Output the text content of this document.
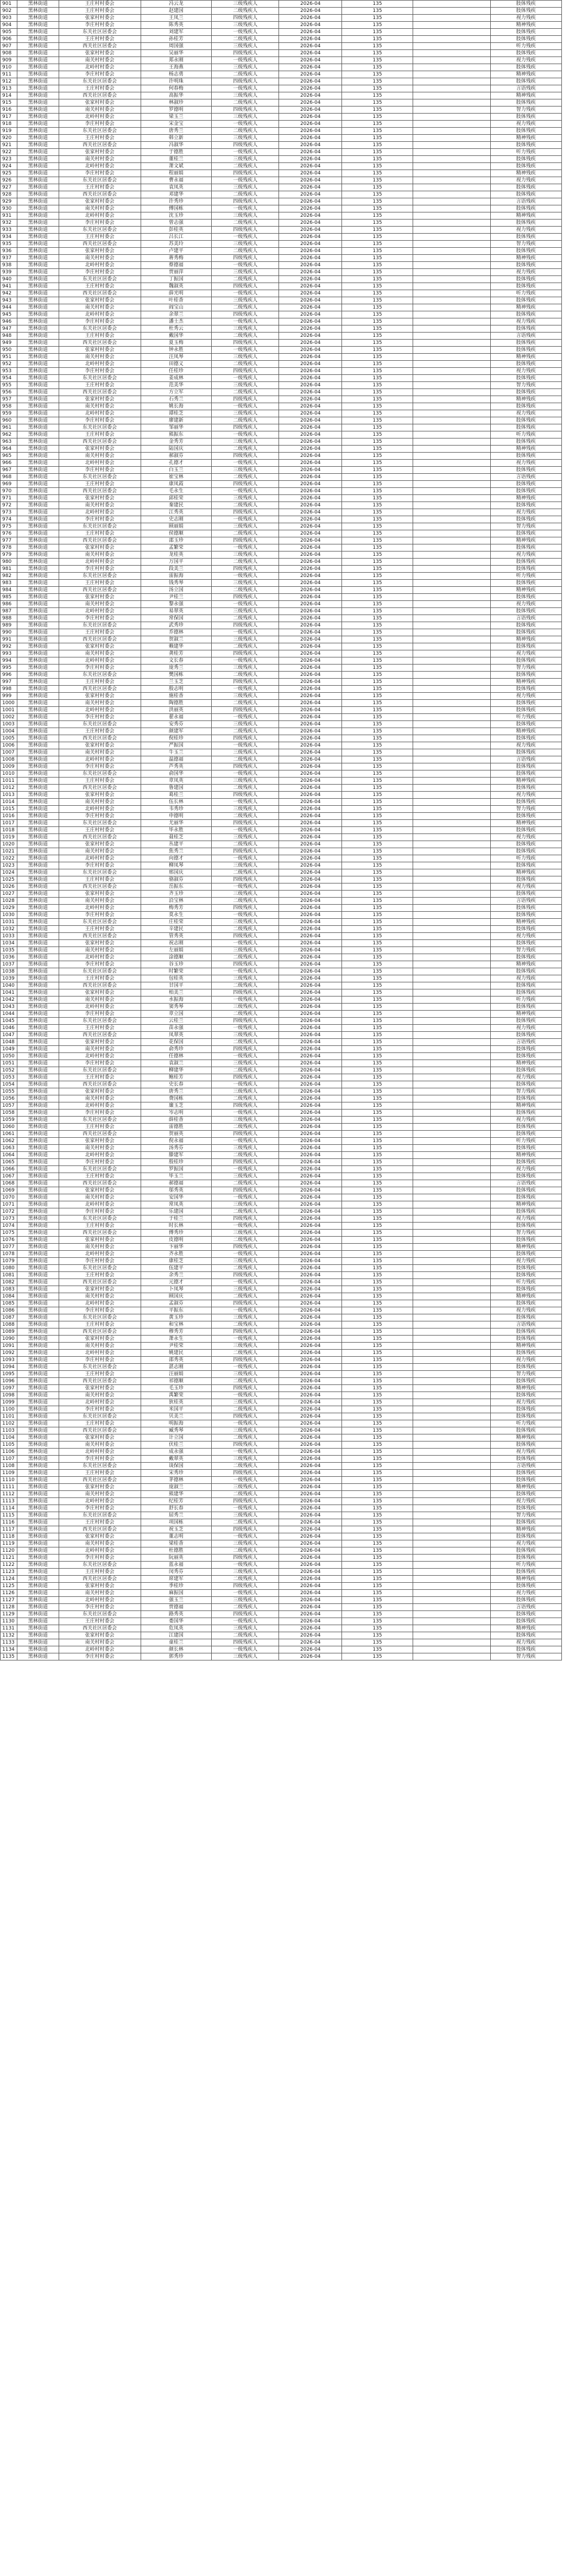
901	黑林街道	王庄村村委会	冯云龙	三级残疾人	2026-04	135		肢体残疾
902	黑林街道	王庄村村委会	赵建国	二级残疾人	2026-04	135		肢体残疾
903	黑林街道	张家村村委会	王凤兰	四级残疾人	2026-04	135		视力残疾
904	黑林街道	李庄村村委会	陈秀英	三级残疾人	2026-04	135		精神残疾
905	黑林街道	东关社区居委会	刘建军	一级残疾人	2026-04	135		肢体残疾
906	黑林街道	王庄村村委会	孙桂芳	二级残疾人	2026-04	135		肢体残疾
907	黑林街道	西关社区居委会	周国强	三级残疾人	2026-04	135		听力残疾
908	黑林街道	张家村村委会	吴丽华	四级残疾人	2026-04	135		肢体残疾
909	黑林街道	南关村村委会	郑永刚	一级残疾人	2026-04	135		视力残疾
910	黑林街道	北岭村村委会	王海燕	三级残疾人	2026-04	135		肢体残疾
911	黑林街道	李庄村村委会	杨志勇	二级残疾人	2026-04	135		精神残疾
912	黑林街道	东关社区居委会	许明珠	四级残疾人	2026-04	135		肢体残疾
913	黑林街道	王庄村村委会	何春梅	一级残疾人	2026-04	135		言语残疾
914	黑林街道	西关社区居委会	高振华	三级残疾人	2026-04	135		精神残疾
915	黑林街道	张家村村委会	林淑珍	二级残疾人	2026-04	135		肢体残疾
916	黑林街道	南关村村委会	罗德明	四级残疾人	2026-04	135		智力残疾
917	黑林街道	北岭村村委会	梁玉兰	三级残疾人	2026-04	135		肢体残疾
918	黑林街道	李庄村村委会	宋金宝	一级残疾人	2026-04	135		视力残疾
919	黑林街道	东关社区居委会	唐秀兰	二级残疾人	2026-04	135		肢体残疾
920	黑林街道	王庄村村委会	韩立新	三级残疾人	2026-04	135		精神残疾
921	黑林街道	西关社区居委会	冯淑华	四级残疾人	2026-04	135		肢体残疾
922	黑林街道	张家村村委会	于德胜	一级残疾人	2026-04	135		听力残疾
923	黑林街道	南关村村委会	董桂兰	三级残疾人	2026-04	135		肢体残疾
924	黑林街道	北岭村村委会	萧文斌	二级残疾人	2026-04	135		肢体残疾
925	黑林街道	李庄村村委会	程丽娟	四级残疾人	2026-04	135		精神残疾
926	黑林街道	东关社区居委会	曹永福	一级残疾人	2026-04	135		视力残疾
927	黑林街道	王庄村村委会	袁凤英	三级残疾人	2026-04	135		肢体残疾
928	黑林街道	西关社区居委会	邓建华	二级残疾人	2026-04	135		肢体残疾
929	黑林街道	张家村村委会	许秀珍	四级残疾人	2026-04	135		言语残疾
930	黑林街道	南关村村委会	傅国栋	一级残疾人	2026-04	135		肢体残疾
931	黑林街道	北岭村村委会	沈玉珍	三级残疾人	2026-04	135		精神残疾
932	黑林街道	李庄村村委会	曾志强	二级残疾人	2026-04	135		肢体残疾
933	黑林街道	东关社区居委会	彭桂英	四级残疾人	2026-04	135		视力残疾
934	黑林街道	王庄村村委会	吕长江	一级残疾人	2026-04	135		肢体残疾
935	黑林街道	西关社区居委会	苏美玲	三级残疾人	2026-04	135		智力残疾
936	黑林街道	张家村村委会	卢建平	二级残疾人	2026-04	135		肢体残疾
937	黑林街道	南关村村委会	蒋秀梅	四级残疾人	2026-04	135		精神残疾
938	黑林街道	北岭村村委会	蔡德福	一级残疾人	2026-04	135		肢体残疾
939	黑林街道	李庄村村委会	贾丽萍	三级残疾人	2026-04	135		视力残疾
940	黑林街道	东关社区居委会	丁振国	二级残疾人	2026-04	135		肢体残疾
941	黑林街道	王庄村村委会	魏淑英	四级残疾人	2026-04	135		肢体残疾
942	黑林街道	西关社区居委会	薛光明	一级残疾人	2026-04	135		听力残疾
943	黑林街道	张家村村委会	叶桂香	三级残疾人	2026-04	135		肢体残疾
944	黑林街道	南关村村委会	阎宝山	二级残疾人	2026-04	135		精神残疾
945	黑林街道	北岭村村委会	余翠兰	四级残疾人	2026-04	135		肢体残疾
946	黑林街道	李庄村村委会	潘士杰	一级残疾人	2026-04	135		视力残疾
947	黑林街道	东关社区居委会	杜秀云	三级残疾人	2026-04	135		肢体残疾
948	黑林街道	王庄村村委会	戴国华	二级残疾人	2026-04	135		言语残疾
949	黑林街道	西关社区居委会	夏玉梅	四级残疾人	2026-04	135		肢体残疾
950	黑林街道	张家村村委会	钟永胜	一级残疾人	2026-04	135		肢体残疾
951	黑林街道	南关村村委会	汪凤琴	三级残疾人	2026-04	135		精神残疾
952	黑林街道	北岭村村委会	田德义	二级残疾人	2026-04	135		肢体残疾
953	黑林街道	李庄村村委会	任桂珍	四级残疾人	2026-04	135		视力残疾
954	黑林街道	东关社区居委会	姜成林	一级残疾人	2026-04	135		肢体残疾
955	黑林街道	王庄村村委会	范美华	三级残疾人	2026-04	135		智力残疾
956	黑林街道	西关社区居委会	方立军	二级残疾人	2026-04	135		肢体残疾
957	黑林街道	张家村村委会	石秀兰	四级残疾人	2026-04	135		精神残疾
958	黑林街道	南关村村委会	姚长海	一级残疾人	2026-04	135		肢体残疾
959	黑林街道	北岭村村委会	谭桂芝	三级残疾人	2026-04	135		视力残疾
960	黑林街道	李庄村村委会	廖建新	二级残疾人	2026-04	135		肢体残疾
961	黑林街道	东关社区居委会	邹丽华	四级残疾人	2026-04	135		肢体残疾
962	黑林街道	王庄村村委会	熊振东	一级残疾人	2026-04	135		听力残疾
963	黑林街道	西关社区居委会	金秀芳	三级残疾人	2026-04	135		肢体残疾
964	黑林街道	张家村村委会	陆国庆	二级残疾人	2026-04	135		精神残疾
965	黑林街道	南关村村委会	郝淑芬	四级残疾人	2026-04	135		肢体残疾
966	黑林街道	北岭村村委会	孔德才	一级残疾人	2026-04	135		视力残疾
967	黑林街道	李庄村村委会	白玉兰	三级残疾人	2026-04	135		肢体残疾
968	黑林街道	东关社区居委会	崔宝林	二级残疾人	2026-04	135		言语残疾
969	黑林街道	王庄村村委会	康凤霞	四级残疾人	2026-04	135		肢体残疾
970	黑林街道	西关社区居委会	毛永生	一级残疾人	2026-04	135		肢体残疾
971	黑林街道	张家村村委会	邱桂荣	三级残疾人	2026-04	135		精神残疾
972	黑林街道	南关村村委会	秦建民	二级残疾人	2026-04	135		肢体残疾
973	黑林街道	北岭村村委会	江秀英	四级残疾人	2026-04	135		视力残疾
974	黑林街道	李庄村村委会	史志刚	一级残疾人	2026-04	135		肢体残疾
975	黑林街道	东关社区居委会	顾丽娟	三级残疾人	2026-04	135		智力残疾
976	黑林街道	王庄村村委会	侯德顺	二级残疾人	2026-04	135		肢体残疾
977	黑林街道	西关社区居委会	邵玉珍	四级残疾人	2026-04	135		精神残疾
978	黑林街道	张家村村委会	孟繁荣	一级残疾人	2026-04	135		肢体残疾
979	黑林街道	南关村村委会	龙桂英	三级残疾人	2026-04	135		视力残疾
980	黑林街道	北岭村村委会	万国平	二级残疾人	2026-04	135		肢体残疾
981	黑林街道	李庄村村委会	段美兰	四级残疾人	2026-04	135		肢体残疾
982	黑林街道	东关社区居委会	雷振海	一级残疾人	2026-04	135		听力残疾
983	黑林街道	王庄村村委会	钱秀琴	三级残疾人	2026-04	135		肢体残疾
984	黑林街道	西关社区居委会	汤立国	二级残疾人	2026-04	135		精神残疾
985	黑林街道	张家村村委会	尹桂兰	四级残疾人	2026-04	135		肢体残疾
986	黑林街道	南关村村委会	黎永强	一级残疾人	2026-04	135		视力残疾
987	黑林街道	北岭村村委会	易翠英	三级残疾人	2026-04	135		肢体残疾
988	黑林街道	李庄村村委会	常保国	二级残疾人	2026-04	135		言语残疾
989	黑林街道	东关社区居委会	武秀珍	四级残疾人	2026-04	135		肢体残疾
990	黑林街道	王庄村村委会	乔德林	一级残疾人	2026-04	135		肢体残疾
991	黑林街道	西关社区居委会	贺淑兰	三级残疾人	2026-04	135		精神残疾
992	黑林街道	张家村村委会	赖建华	二级残疾人	2026-04	135		肢体残疾
993	黑林街道	南关村村委会	龚桂芳	四级残疾人	2026-04	135		视力残疾
994	黑林街道	北岭村村委会	文长春	一级残疾人	2026-04	135		肢体残疾
995	黑林街道	李庄村村委会	庞秀兰	三级残疾人	2026-04	135		智力残疾
996	黑林街道	东关社区居委会	樊国栋	二级残疾人	2026-04	135		肢体残疾
997	黑林街道	王庄村村委会	兰玉芝	四级残疾人	2026-04	135		精神残疾
998	黑林街道	西关社区居委会	殷志明	一级残疾人	2026-04	135		肢体残疾
999	黑林街道	张家村村委会	施桂香	三级残疾人	2026-04	135		视力残疾
1000	黑林街道	南关村村委会	陶德胜	二级残疾人	2026-04	135		肢体残疾
1001	黑林街道	北岭村村委会	洪丽英	四级残疾人	2026-04	135		肢体残疾
1002	黑林街道	李庄村村委会	翟永福	一级残疾人	2026-04	135		听力残疾
1003	黑林街道	东关社区居委会	安秀芬	三级残疾人	2026-04	135		肢体残疾
1004	黑林街道	王庄村村委会	颜建军	二级残疾人	2026-04	135		精神残疾
1005	黑林街道	西关社区居委会	倪桂珍	四级残疾人	2026-04	135		肢体残疾
1006	黑林街道	张家村村委会	严振国	一级残疾人	2026-04	135		视力残疾
1007	黑林街道	南关村村委会	牛玉兰	三级残疾人	2026-04	135		肢体残疾
1008	黑林街道	北岭村村委会	温德福	二级残疾人	2026-04	135		言语残疾
1009	黑林街道	李庄村村委会	芦秀英	四级残疾人	2026-04	135		肢体残疾
1010	黑林街道	东关社区居委会	俞国华	一级残疾人	2026-04	135		肢体残疾
1011	黑林街道	王庄村村委会	章凤英	三级残疾人	2026-04	135		精神残疾
1012	黑林街道	西关社区居委会	鲁建国	二级残疾人	2026-04	135		肢体残疾
1013	黑林街道	张家村村委会	葛桂兰	四级残疾人	2026-04	135		视力残疾
1014	黑林街道	南关村村委会	伍长林	一级残疾人	2026-04	135		肢体残疾
1015	黑林街道	北岭村村委会	韦秀珍	三级残疾人	2026-04	135		智力残疾
1016	黑林街道	李庄村村委会	申德明	二级残疾人	2026-04	135		肢体残疾
1017	黑林街道	东关社区居委会	尤丽华	四级残疾人	2026-04	135		精神残疾
1018	黑林街道	王庄村村委会	毕永胜	一级残疾人	2026-04	135		肢体残疾
1019	黑林街道	西关社区居委会	聂桂芝	三级残疾人	2026-04	135		视力残疾
1020	黑林街道	张家村村委会	丛建平	二级残疾人	2026-04	135		肢体残疾
1021	黑林街道	南关村村委会	焦秀兰	四级残疾人	2026-04	135		肢体残疾
1022	黑林街道	北岭村村委会	向德才	一级残疾人	2026-04	135		听力残疾
1023	黑林街道	李庄村村委会	柳凤琴	三级残疾人	2026-04	135		肢体残疾
1024	黑林街道	东关社区居委会	邢国庆	二级残疾人	2026-04	135		精神残疾
1025	黑林街道	王庄村村委会	骆淑芬	四级残疾人	2026-04	135		肢体残疾
1026	黑林街道	西关社区居委会	岳振东	一级残疾人	2026-04	135		视力残疾
1027	黑林街道	张家村村委会	齐玉珍	三级残疾人	2026-04	135		肢体残疾
1028	黑林街道	南关村村委会	沿宝林	二级残疾人	2026-04	135		言语残疾
1029	黑林街道	北岭村村委会	梅秀芳	四级残疾人	2026-04	135		肢体残疾
1030	黑林街道	李庄村村委会	莫永生	一级残疾人	2026-04	135		肢体残疾
1031	黑林街道	东关社区居委会	庄桂荣	三级残疾人	2026-04	135		精神残疾
1032	黑林街道	王庄村村委会	辛建民	二级残疾人	2026-04	135		肢体残疾
1033	黑林街道	西关社区居委会	管秀英	四级残疾人	2026-04	135		视力残疾
1034	黑林街道	张家村村委会	祝志刚	一级残疾人	2026-04	135		肢体残疾
1035	黑林街道	南关村村委会	左丽娟	三级残疾人	2026-04	135		智力残疾
1036	黑林街道	北岭村村委会	涂德顺	二级残疾人	2026-04	135		肢体残疾
1037	黑林街道	李庄村村委会	谷玉珍	四级残疾人	2026-04	135		精神残疾
1038	黑林街道	东关社区居委会	时繁荣	一级残疾人	2026-04	135		肢体残疾
1039	黑林街道	王庄村村委会	包桂英	三级残疾人	2026-04	135		视力残疾
1040	黑林街道	西关社区居委会	甘国平	二级残疾人	2026-04	135		肢体残疾
1041	黑林街道	张家村村委会	柏美兰	四级残疾人	2026-04	135		肢体残疾
1042	黑林街道	南关村村委会	水振海	一级残疾人	2026-04	135		听力残疾
1043	黑林街道	北岭村村委会	窦秀琴	三级残疾人	2026-04	135		肢体残疾
1044	黑林街道	李庄村村委会	章立国	二级残疾人	2026-04	135		精神残疾
1045	黑林街道	东关社区居委会	云桂兰	四级残疾人	2026-04	135		肢体残疾
1046	黑林街道	王庄村村委会	苗永强	一级残疾人	2026-04	135		视力残疾
1047	黑林街道	西关社区居委会	凤翠英	三级残疾人	2026-04	135		肢体残疾
1048	黑林街道	张家村村委会	花保国	二级残疾人	2026-04	135		言语残疾
1049	黑林街道	南关村村委会	俞秀珍	四级残疾人	2026-04	135		肢体残疾
1050	黑林街道	北岭村村委会	任德林	一级残疾人	2026-04	135		肢体残疾
1051	黑林街道	李庄村村委会	袁淑兰	三级残疾人	2026-04	135		精神残疾
1052	黑林街道	东关社区居委会	柳建华	二级残疾人	2026-04	135		肢体残疾
1053	黑林街道	王庄村村委会	鲍桂芳	四级残疾人	2026-04	135		视力残疾
1054	黑林街道	西关社区居委会	史长春	一级残疾人	2026-04	135		肢体残疾
1055	黑林街道	张家村村委会	唐秀兰	三级残疾人	2026-04	135		智力残疾
1056	黑林街道	南关村村委会	费国栋	二级残疾人	2026-04	135		肢体残疾
1057	黑林街道	北岭村村委会	廉玉芝	四级残疾人	2026-04	135		精神残疾
1058	黑林街道	李庄村村委会	岑志明	一级残疾人	2026-04	135		肢体残疾
1059	黑林街道	东关社区居委会	薛桂香	三级残疾人	2026-04	135		视力残疾
1060	黑林街道	王庄村村委会	雷德胜	二级残疾人	2026-04	135		肢体残疾
1061	黑林街道	西关社区居委会	贺丽英	四级残疾人	2026-04	135		肢体残疾
1062	黑林街道	张家村村委会	倪永福	一级残疾人	2026-04	135		听力残疾
1063	黑林街道	南关村村委会	汤秀芬	三级残疾人	2026-04	135		肢体残疾
1064	黑林街道	北岭村村委会	滕建军	二级残疾人	2026-04	135		精神残疾
1065	黑林街道	李庄村村委会	殷桂珍	四级残疾人	2026-04	135		肢体残疾
1066	黑林街道	东关社区居委会	罗振国	一级残疾人	2026-04	135		视力残疾
1067	黑林街道	王庄村村委会	毕玉兰	三级残疾人	2026-04	135		肢体残疾
1068	黑林街道	西关社区居委会	郝德福	二级残疾人	2026-04	135		言语残疾
1069	黑林街道	张家村村委会	邬秀英	四级残疾人	2026-04	135		肢体残疾
1070	黑林街道	南关村村委会	安国华	一级残疾人	2026-04	135		肢体残疾
1071	黑林街道	北岭村村委会	常凤英	三级残疾人	2026-04	135		精神残疾
1072	黑林街道	李庄村村委会	乐建国	二级残疾人	2026-04	135		肢体残疾
1073	黑林街道	东关社区居委会	于桂兰	四级残疾人	2026-04	135		视力残疾
1074	黑林街道	王庄村村委会	时长林	一级残疾人	2026-04	135		肢体残疾
1075	黑林街道	西关社区居委会	傅秀珍	三级残疾人	2026-04	135		智力残疾
1076	黑林街道	张家村村委会	皮德明	二级残疾人	2026-04	135		肢体残疾
1077	黑林街道	南关村村委会	卞丽华	四级残疾人	2026-04	135		精神残疾
1078	黑林街道	北岭村村委会	齐永胜	一级残疾人	2026-04	135		肢体残疾
1079	黑林街道	李庄村村委会	康桂芝	三级残疾人	2026-04	135		视力残疾
1080	黑林街道	东关社区居委会	伍建平	二级残疾人	2026-04	135		肢体残疾
1081	黑林街道	王庄村村委会	余秀兰	四级残疾人	2026-04	135		肢体残疾
1082	黑林街道	西关社区居委会	元德才	一级残疾人	2026-04	135		听力残疾
1083	黑林街道	张家村村委会	卜凤琴	三级残疾人	2026-04	135		肢体残疾
1084	黑林街道	南关村村委会	顾国庆	二级残疾人	2026-04	135		精神残疾
1085	黑林街道	北岭村村委会	孟淑芬	四级残疾人	2026-04	135		肢体残疾
1086	黑林街道	李庄村村委会	平振东	一级残疾人	2026-04	135		视力残疾
1087	黑林街道	东关社区居委会	黄玉珍	三级残疾人	2026-04	135		肢体残疾
1088	黑林街道	王庄村村委会	和宝林	二级残疾人	2026-04	135		言语残疾
1089	黑林街道	西关社区居委会	穆秀芳	四级残疾人	2026-04	135		肢体残疾
1090	黑林街道	张家村村委会	萧永生	一级残疾人	2026-04	135		肢体残疾
1091	黑林街道	南关村村委会	尹桂荣	三级残疾人	2026-04	135		精神残疾
1092	黑林街道	北岭村村委会	姚建民	二级残疾人	2026-04	135		肢体残疾
1093	黑林街道	李庄村村委会	邵秀英	四级残疾人	2026-04	135		视力残疾
1094	黑林街道	东关社区居委会	湛志刚	一级残疾人	2026-04	135		肢体残疾
1095	黑林街道	王庄村村委会	汪丽娟	三级残疾人	2026-04	135		智力残疾
1096	黑林街道	西关社区居委会	祁德顺	二级残疾人	2026-04	135		肢体残疾
1097	黑林街道	张家村村委会	毛玉珍	四级残疾人	2026-04	135		精神残疾
1098	黑林街道	南关村村委会	禹繁荣	一级残疾人	2026-04	135		肢体残疾
1099	黑林街道	北岭村村委会	狄桂英	三级残疾人	2026-04	135		视力残疾
1100	黑林街道	李庄村村委会	米国平	二级残疾人	2026-04	135		肢体残疾
1101	黑林街道	东关社区居委会	贝美兰	四级残疾人	2026-04	135		肢体残疾
1102	黑林街道	王庄村村委会	明振海	一级残疾人	2026-04	135		听力残疾
1103	黑林街道	西关社区居委会	臧秀琴	三级残疾人	2026-04	135		肢体残疾
1104	黑林街道	张家村村委会	计立国	二级残疾人	2026-04	135		精神残疾
1105	黑林街道	南关村村委会	伏桂兰	四级残疾人	2026-04	135		肢体残疾
1106	黑林街道	北岭村村委会	成永强	一级残疾人	2026-04	135		视力残疾
1107	黑林街道	李庄村村委会	戴翠英	三级残疾人	2026-04	135		肢体残疾
1108	黑林街道	东关社区居委会	谈保国	二级残疾人	2026-04	135		言语残疾
1109	黑林街道	王庄村村委会	宋秀珍	四级残疾人	2026-04	135		肢体残疾
1110	黑林街道	西关社区居委会	茅德林	一级残疾人	2026-04	135		肢体残疾
1111	黑林街道	张家村村委会	庞淑兰	三级残疾人	2026-04	135		精神残疾
1112	黑林街道	南关村村委会	熊建华	二级残疾人	2026-04	135		肢体残疾
1113	黑林街道	北岭村村委会	纪桂芳	四级残疾人	2026-04	135		视力残疾
1114	黑林街道	李庄村村委会	舒长春	一级残疾人	2026-04	135		肢体残疾
1115	黑林街道	东关社区居委会	屈秀兰	三级残疾人	2026-04	135		智力残疾
1116	黑林街道	王庄村村委会	项国栋	二级残疾人	2026-04	135		肢体残疾
1117	黑林街道	西关社区居委会	祝玉芝	四级残疾人	2026-04	135		精神残疾
1118	黑林街道	张家村村委会	董志明	一级残疾人	2026-04	135		肢体残疾
1119	黑林街道	南关村村委会	梁桂香	三级残疾人	2026-04	135		视力残疾
1120	黑林街道	北岭村村委会	杜德胜	二级残疾人	2026-04	135		肢体残疾
1121	黑林街道	李庄村村委会	阮丽英	四级残疾人	2026-04	135		肢体残疾
1122	黑林街道	东关社区居委会	蓝永福	一级残疾人	2026-04	135		听力残疾
1123	黑林街道	王庄村村委会	闵秀芬	三级残疾人	2026-04	135		肢体残疾
1124	黑林街道	西关社区居委会	席建军	二级残疾人	2026-04	135		精神残疾
1125	黑林街道	张家村村委会	季桂珍	四级残疾人	2026-04	135		肢体残疾
1126	黑林街道	南关村村委会	麻振国	一级残疾人	2026-04	135		视力残疾
1127	黑林街道	北岭村村委会	强玉兰	三级残疾人	2026-04	135		肢体残疾
1128	黑林街道	李庄村村委会	贾德福	二级残疾人	2026-04	135		言语残疾
1129	黑林街道	东关社区居委会	路秀英	四级残疾人	2026-04	135		肢体残疾
1130	黑林街道	王庄村村委会	娄国华	一级残疾人	2026-04	135		肢体残疾
1131	黑林街道	西关社区居委会	危凤英	三级残疾人	2026-04	135		精神残疾
1132	黑林街道	张家村村委会	江建国	二级残疾人	2026-04	135		肢体残疾
1133	黑林街道	南关村村委会	童桂兰	四级残疾人	2026-04	135		视力残疾
1134	黑林街道	北岭村村委会	颜长林	一级残疾人	2026-04	135		肢体残疾
1135	黑林街道	李庄村村委会	郭秀珍	三级残疾人	2026-04	135		智力残疾
